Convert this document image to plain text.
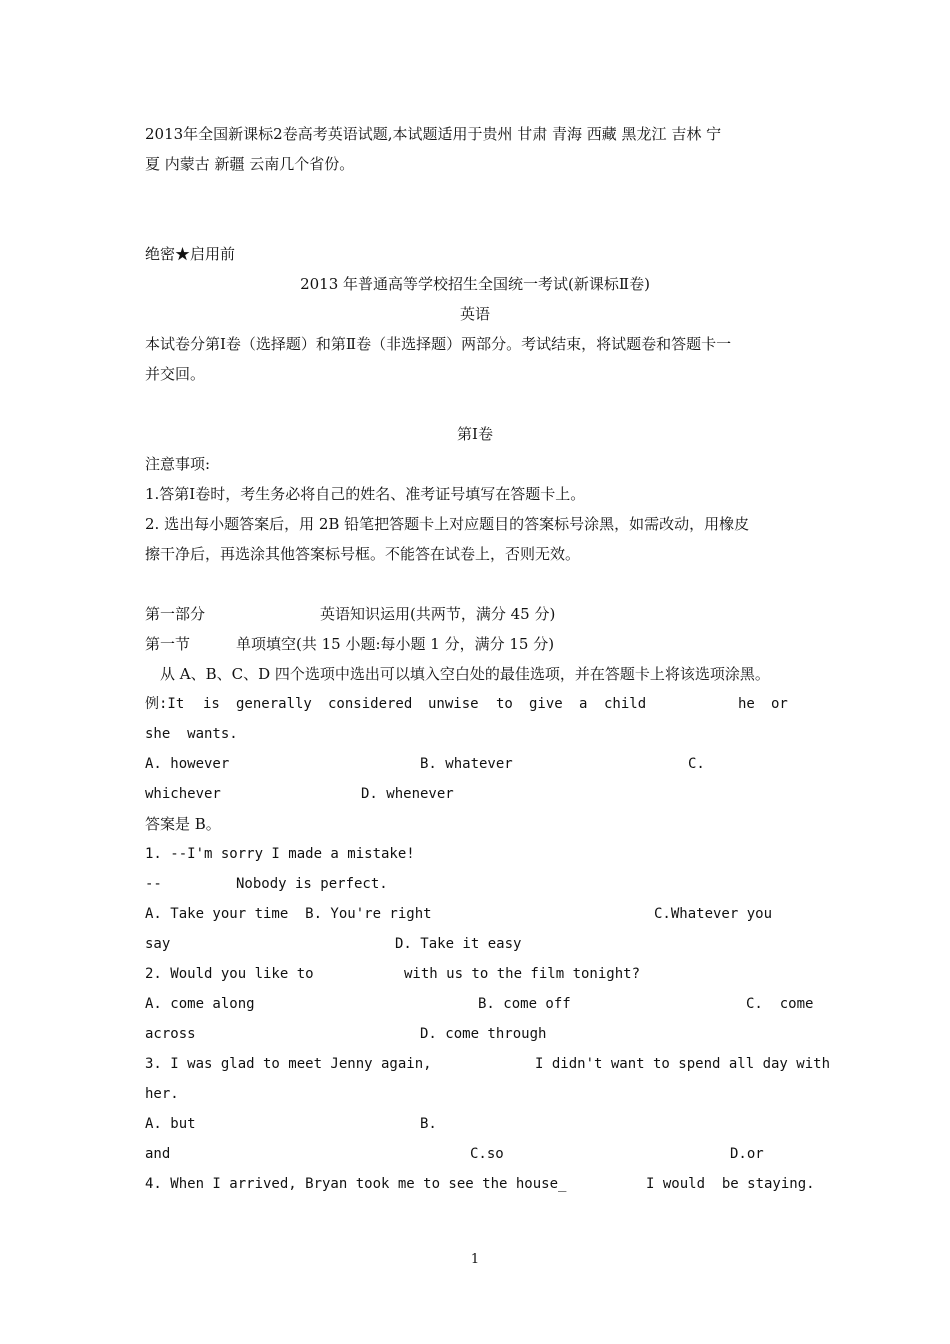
2013年全国新课标2卷高考英语试题,本试题适用于贵州 甘肃 青海 西藏 黑龙江 吉林 宁
夏 内蒙古 新疆 云南几个省份。
绝密★启用前
2013 年普通高等学校招生全国统一考试(新课标Ⅱ卷)
英语
本试卷分第Ⅰ卷（选择题）和第Ⅱ卷（非选择题）两部分。考试结束，将试题卷和答题卡一
并交回。
第Ⅰ卷
注意事项:
1.答第Ⅰ卷时，考生务必将自己的姓名、准考证号填写在答题卡上。
2. 选出每小题答案后，用 2B 铅笔把答题卡上对应题目的答案标号涂黑，如需改动，用橡皮
擦干净后，再选涂其他答案标号框。不能答在试卷上，否则无效。
第一部分	英语知识运用(共两节，满分 45 分)
第一节	单项填空(共 15 小题:每小题 1 分，满分 15 分)
从 A、B、C、D 四个选项中选出可以填入空白处的最佳选项，并在答题卡上将该选项涂黑。
例:It is generally considered unwise to give a child	he or
she  wants.
A. however	B. whatever	C.
whichever	D. whenever
答案是 B。
1. --I'm sorry I made a mistake!
--	Nobody is perfect.
A. Take your time  B. You're right	C.Whatever you
say	D. Take it easy
2. Would you like to	with us to the film tonight?
A. come along	B. come off	C.  come
across	D. come through
3. I was glad to meet Jenny again,	I didn't want to spend all day with
her.
A. but	B.
and	C.so	D.or
4. When I arrived, Bryan took me to see the house_	I would  be staying.
1
